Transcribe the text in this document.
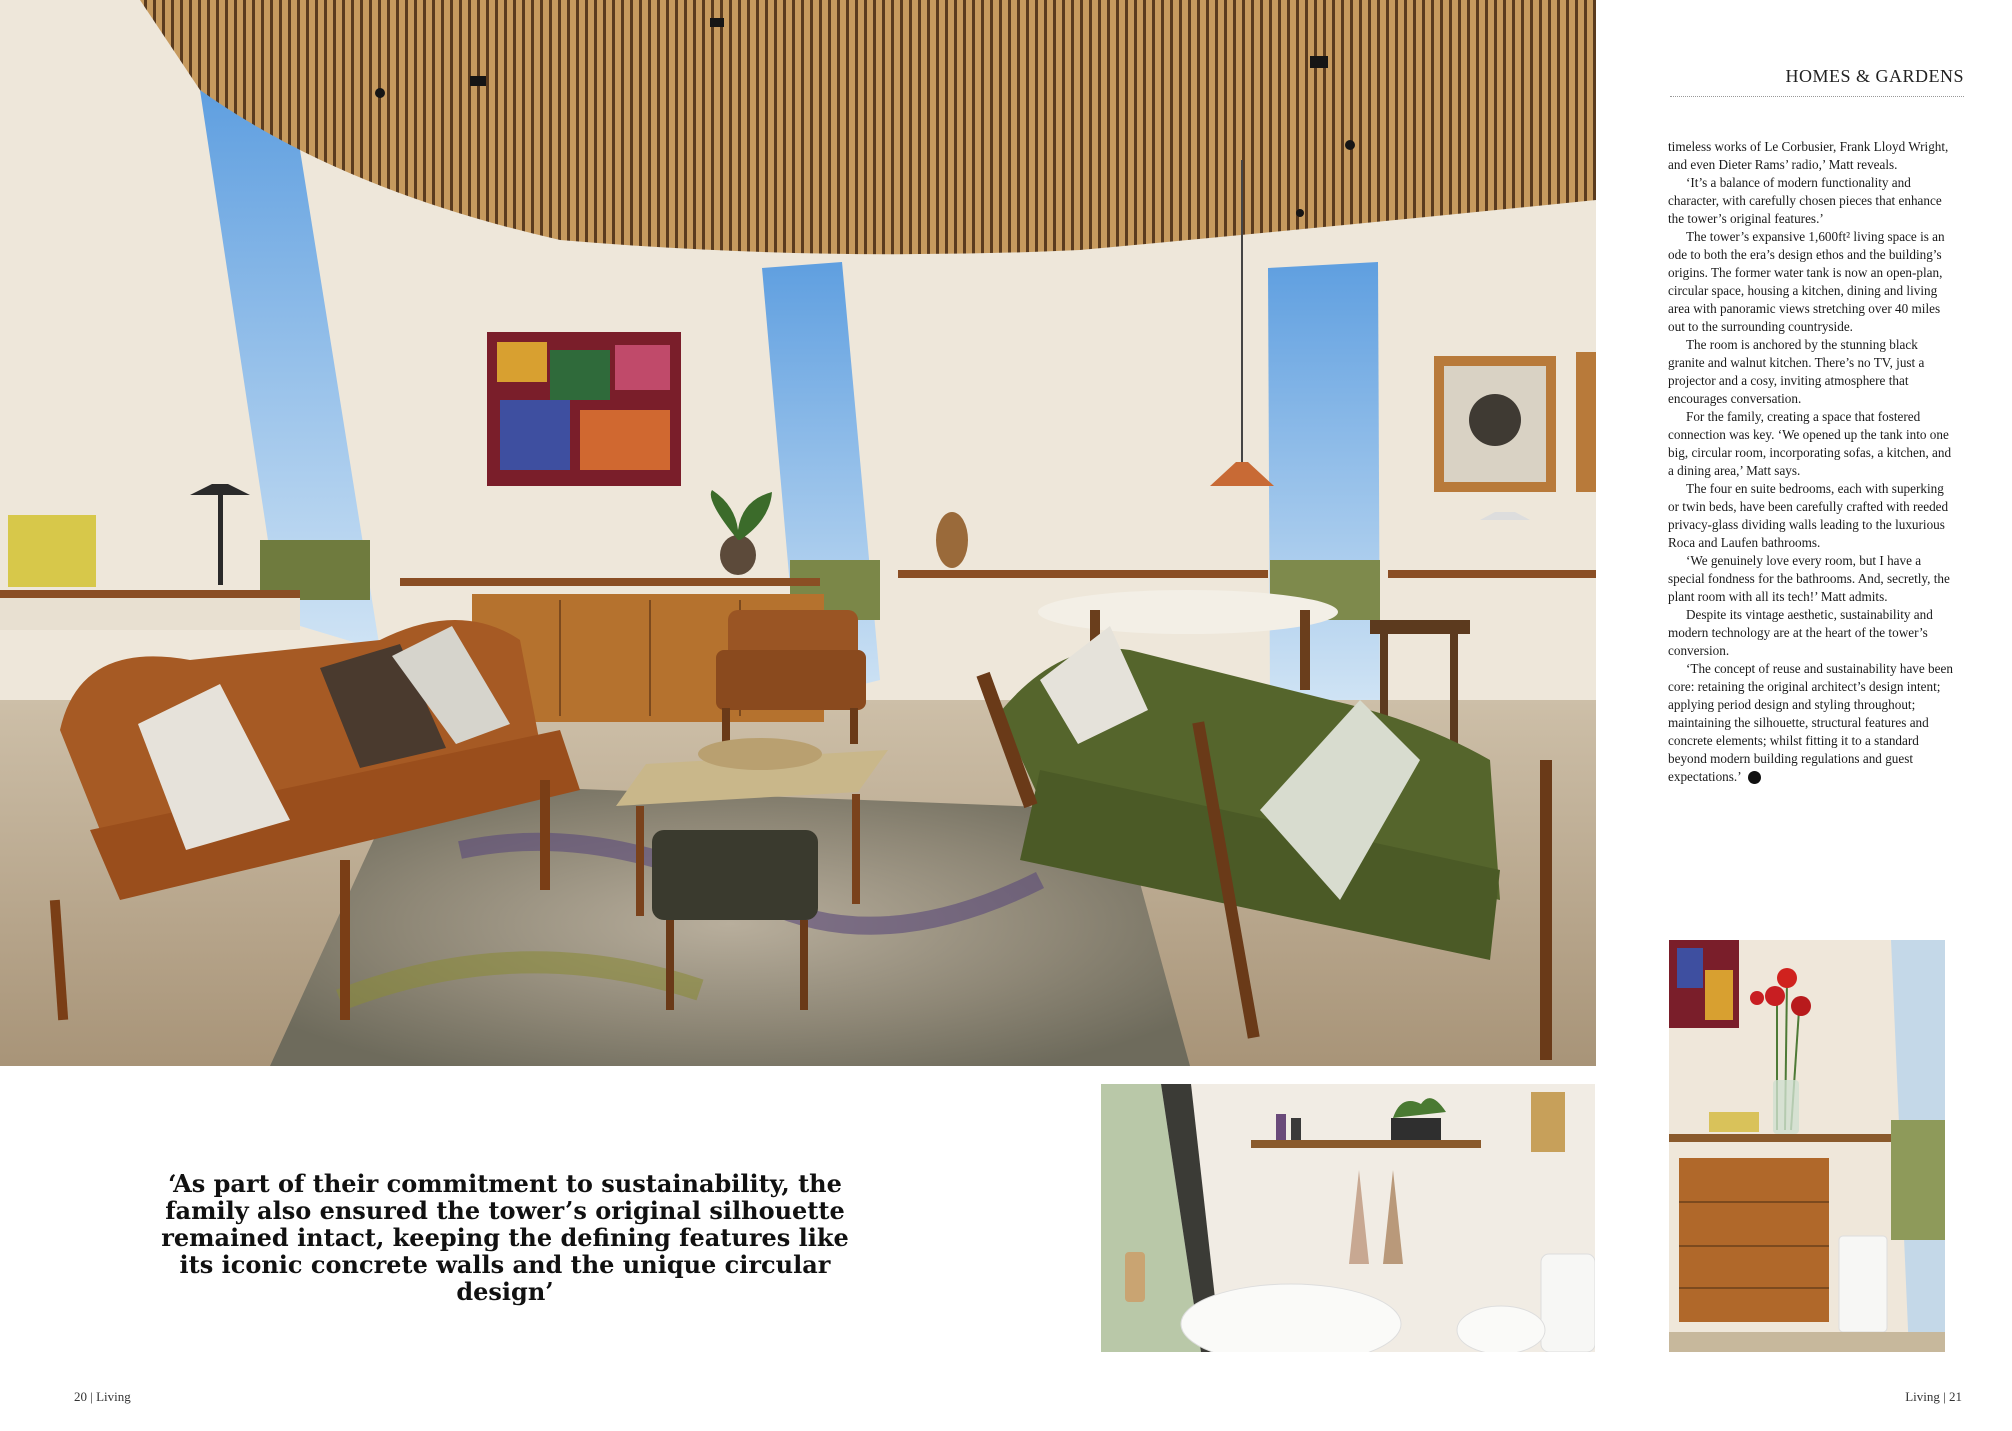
HOMES & GARDENS

timeless works of Le Corbusier, Frank Lloyd Wright, and even Dieter Rams’ radio,’ Matt reveals.

‘It’s a balance of modern functionality and character, with carefully chosen pieces that enhance the tower’s original features.’

The tower’s expansive 1,600ft² living space is an ode to both the era’s design ethos and the building’s origins. The former water tank is now an open-plan, circular space, housing a kitchen, dining and living area with panoramic views stretching over 40 miles out to the surrounding countryside.

The room is anchored by the stunning black granite and walnut kitchen. There’s no TV, just a projector and a cosy, inviting atmosphere that encourages conversation.

For the family, creating a space that fostered connection was key. ‘We opened up the tank into one big, circular room, incorporating sofas, a kitchen, and a dining area,’ Matt says.

The four en suite bedrooms, each with superking or twin beds, have been carefully crafted with reeded privacy-glass dividing walls leading to the luxurious Roca and Laufen bathrooms.

‘We genuinely love every room, but I have a special fondness for the bathrooms. And, secretly, the plant room with all its tech!’ Matt admits.

Despite its vintage aesthetic, sustainability and modern technology are at the heart of the tower’s conversion.

‘The concept of reuse and sustainability have been core: retaining the original architect’s design intent; applying period design and styling throughout; maintaining the silhouette, structural features and concrete elements; whilst fitting it to a standard beyond modern building regulations and guest expectations.’	➜

‘As part of their commitment to sustainability, the family also ensured the tower’s original silhouette remained intact, keeping the defining features like its iconic concrete walls and the unique circular design’
20 | Living	Living | 21
